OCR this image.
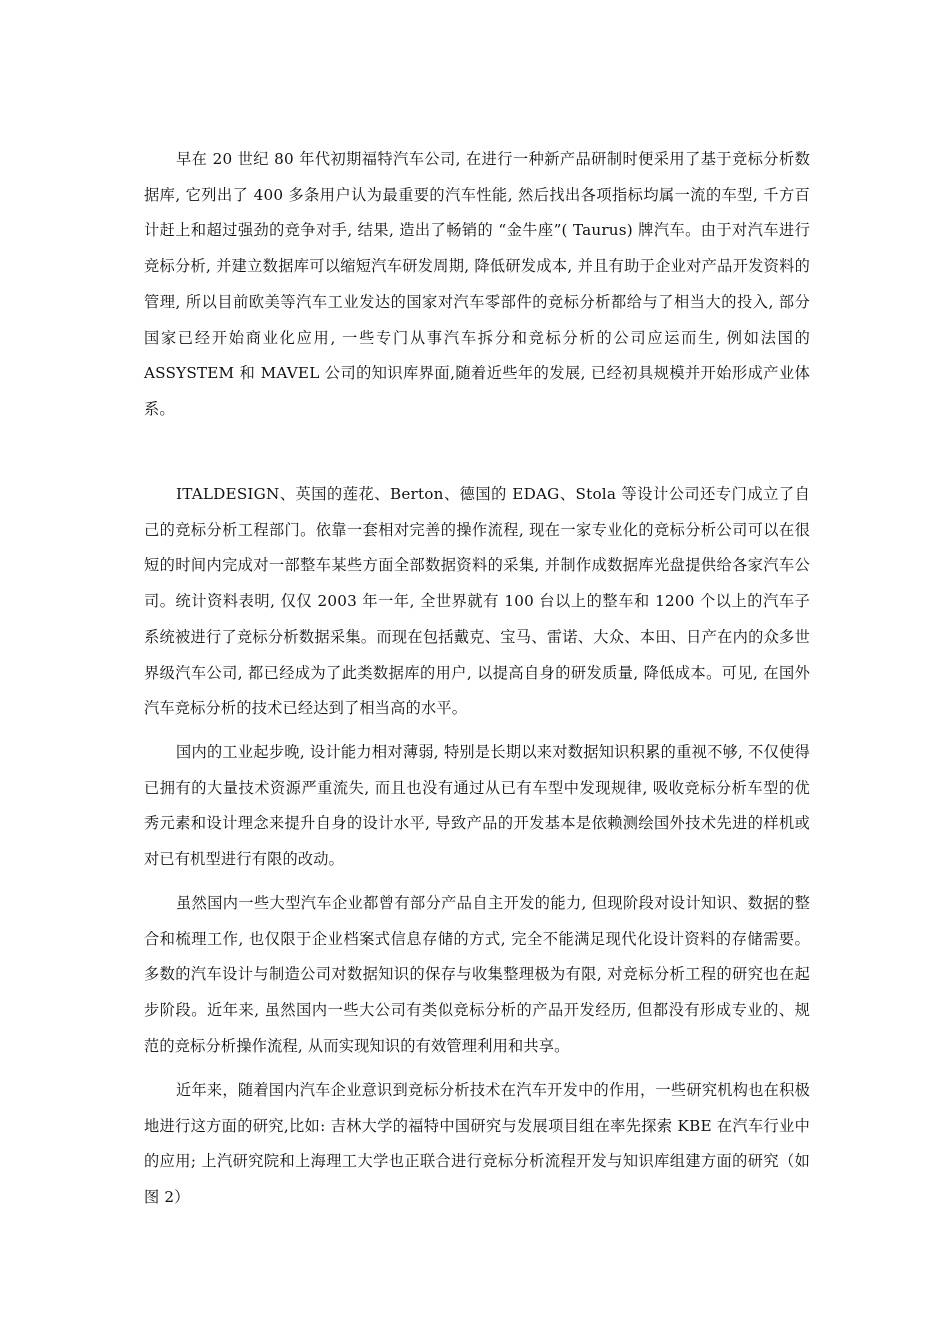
早在 20 世纪 80 年代初期福特汽车公司, 在进行一种新产品研制时便采用了基于竞标分析数据库, 它列出了 400 多条用户认为最重要的汽车性能, 然后找出各项指标均属一流的车型, 千方百计赶上和超过强劲的竞争对手, 结果, 造出了畅销的 “金牛座”( Taurus) 牌汽车。由于对汽车进行竞标分析, 并建立数据库可以缩短汽车研发周期, 降低研发成本, 并且有助于企业对产品开发资料的管理, 所以目前欧美等汽车工业发达的国家对汽车零部件的竞标分析都给与了相当大的投入, 部分国家已经开始商业化应用, 一些专门从事汽车拆分和竞标分析的公司应运而生, 例如法国的 ASSYSTEM 和 MAVEL 公司的知识库界面,随着近些年的发展, 已经初具规模并开始形成产业体系。

ITALDESIGN、英国的莲花、Berton、德国的 EDAG、Stola 等设计公司还专门成立了自己的竞标分析工程部门。依靠一套相对完善的操作流程, 现在一家专业化的竞标分析公司可以在很短的时间内完成对一部整车某些方面全部数据资料的采集, 并制作成数据库光盘提供给各家汽车公司。统计资料表明, 仅仅 2003 年一年, 全世界就有 100 台以上的整车和 1200 个以上的汽车子系统被进行了竞标分析数据采集。而现在包括戴克、宝马、雷诺、大众、本田、日产在内的众多世界级汽车公司, 都已经成为了此类数据库的用户, 以提高自身的研发质量, 降低成本。可见, 在国外汽车竞标分析的技术已经达到了相当高的水平。

国内的工业起步晚, 设计能力相对薄弱, 特别是长期以来对数据知识积累的重视不够, 不仅使得已拥有的大量技术资源严重流失, 而且也没有通过从已有车型中发现规律, 吸收竞标分析车型的优秀元素和设计理念来提升自身的设计水平, 导致产品的开发基本是依赖测绘国外技术先进的样机或对已有机型进行有限的改动。

虽然国内一些大型汽车企业都曾有部分产品自主开发的能力, 但现阶段对设计知识、数据的整合和梳理工作, 也仅限于企业档案式信息存储的方式, 完全不能满足现代化设计资料的存储需要。多数的汽车设计与制造公司对数据知识的保存与收集整理极为有限, 对竞标分析工程的研究也在起步阶段。近年来, 虽然国内一些大公司有类似竞标分析的产品开发经历, 但都没有形成专业的、规范的竞标分析操作流程, 从而实现知识的有效管理利用和共享。

近年来，随着国内汽车企业意识到竞标分析技术在汽车开发中的作用，一些研究机构也在积极地进行这方面的研究,比如: 吉林大学的福特中国研究与发展项目组在率先探索 KBE 在汽车行业中的应用; 上汽研究院和上海理工大学也正联合进行竞标分析流程开发与知识库组建方面的研究（如图 2）
